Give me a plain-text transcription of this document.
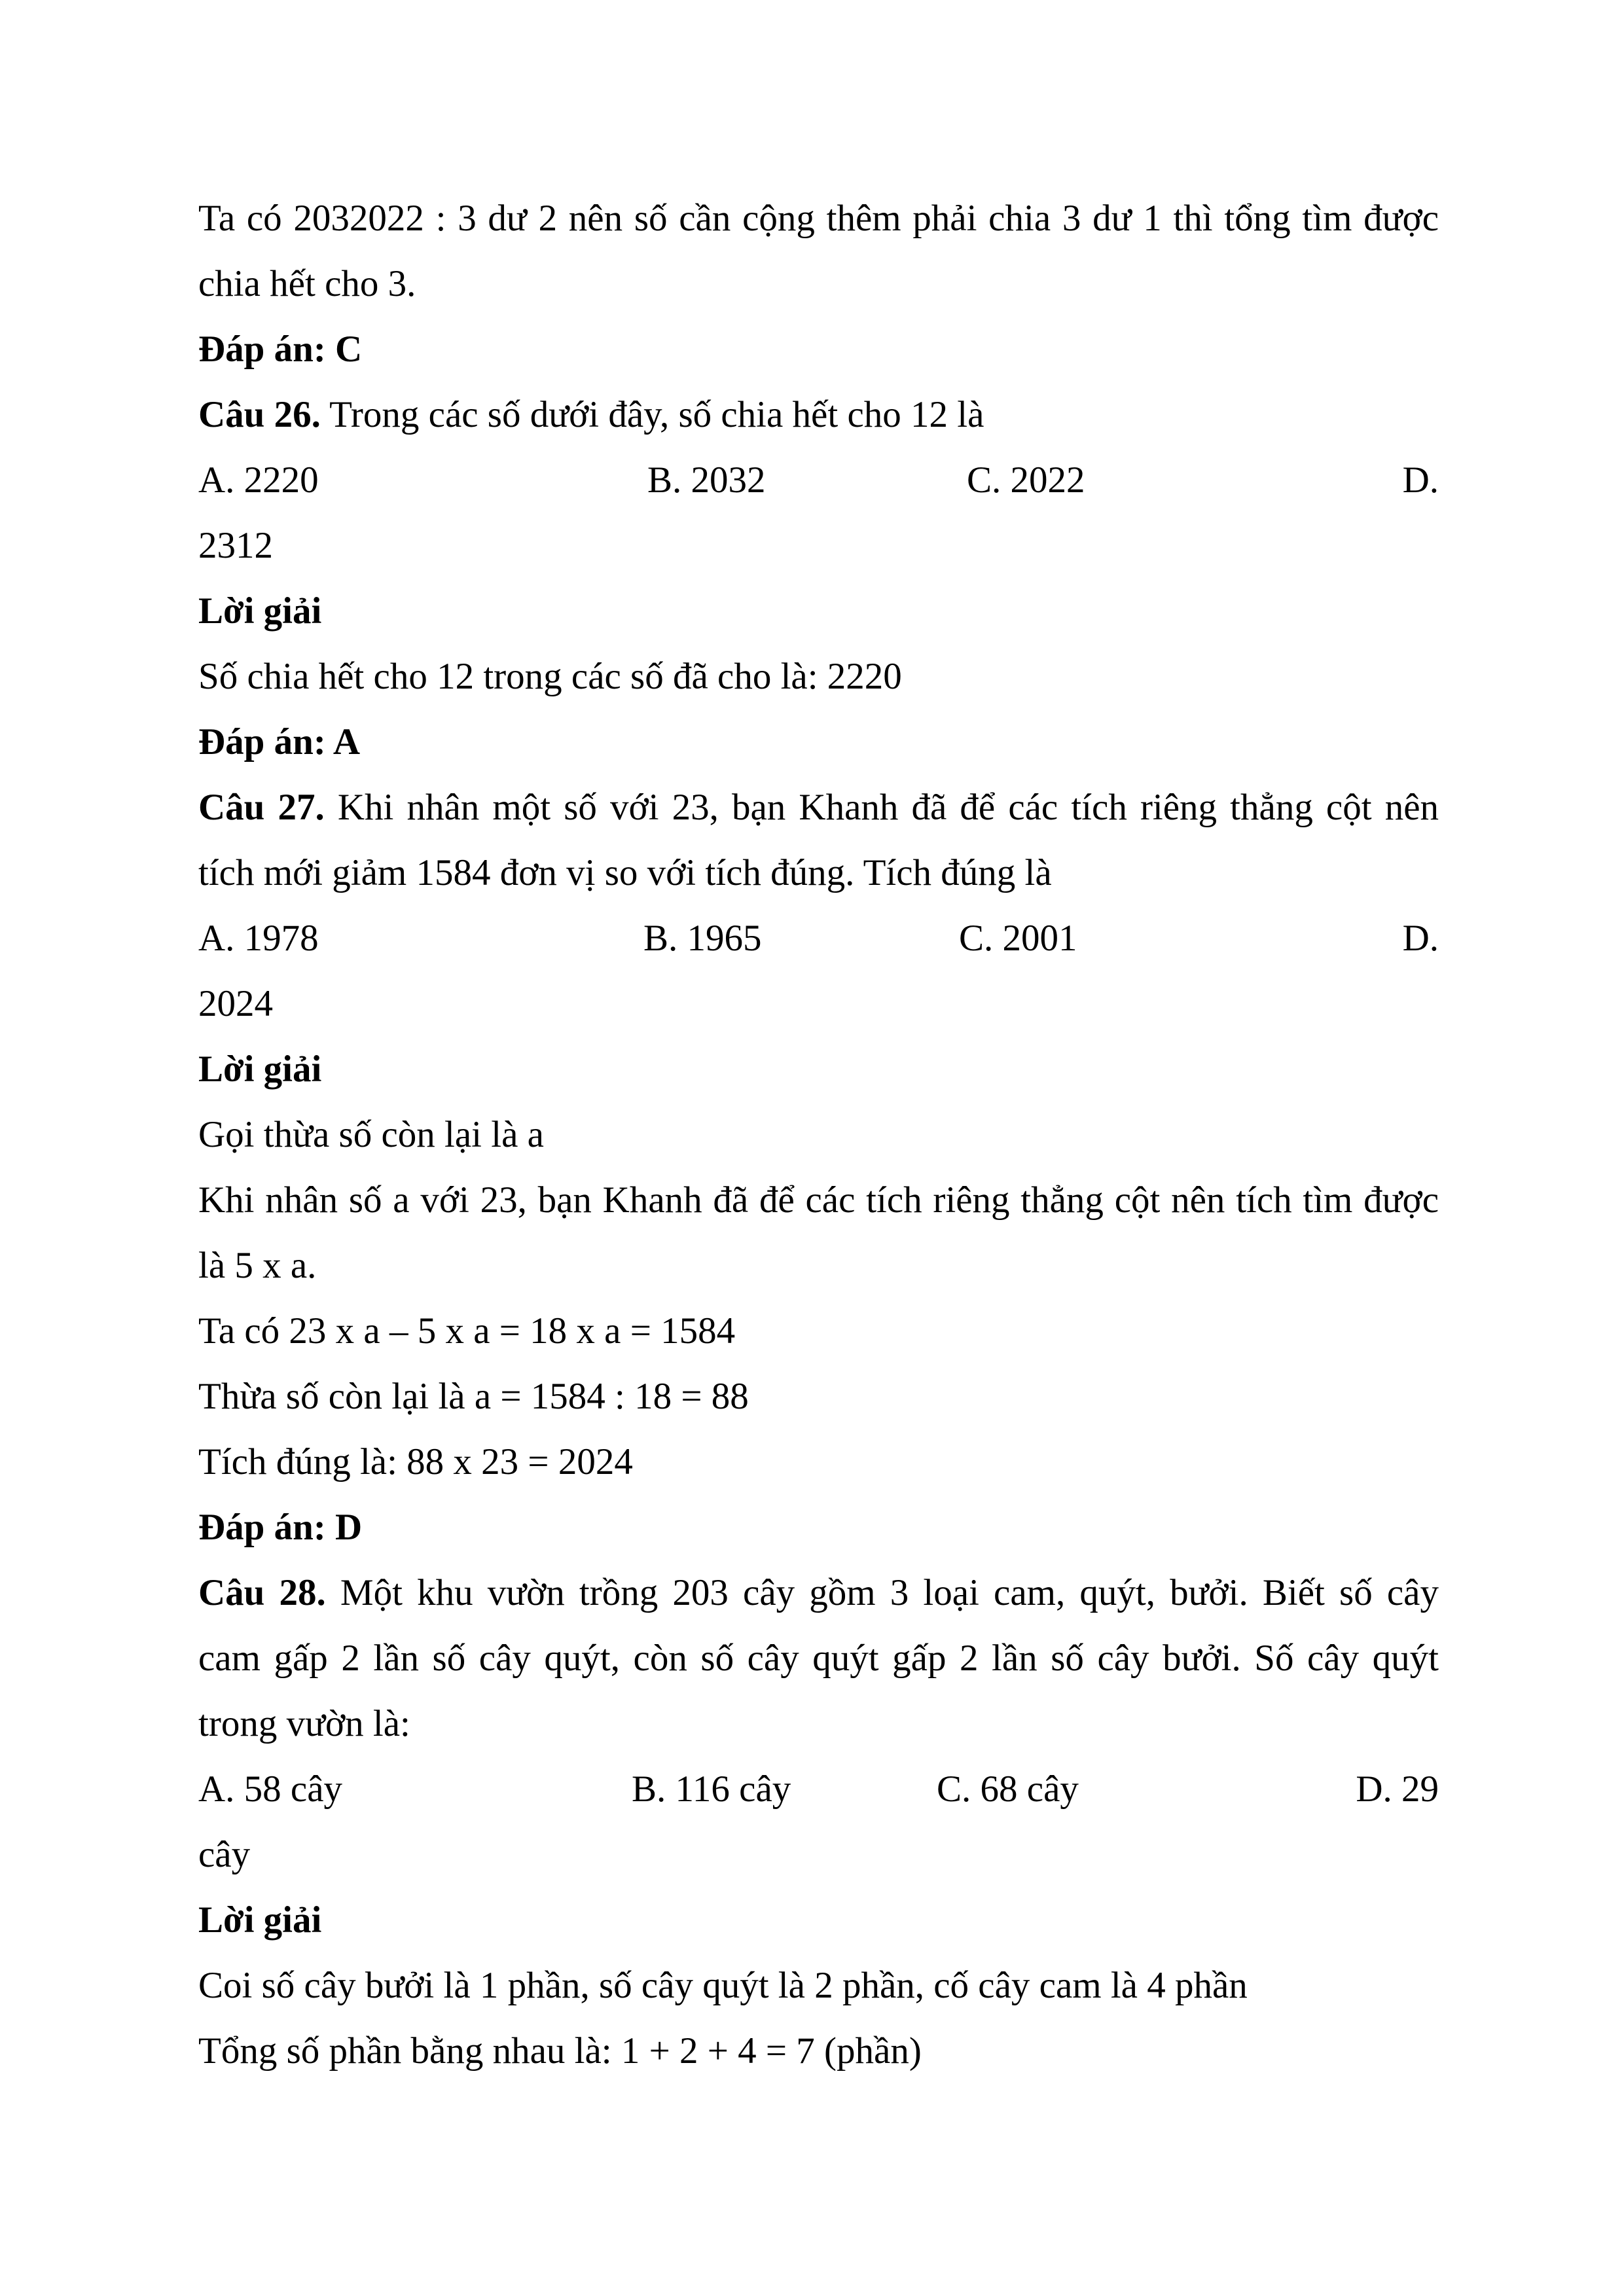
Ta có 2032022 : 3 dư 2 nên số cần cộng thêm phải chia 3 dư 1 thì tổng tìm được
chia hết cho 3.
Đáp án: C
Câu 26. Trong các số dưới đây, số chia hết cho 12 là
A. 2220	B. 2032	C. 2022	D.
2312
Lời giải
Số chia hết cho 12 trong các số đã cho là: 2220
Đáp án: A
Câu 27. Khi nhân một số với 23, bạn Khanh đã để các tích riêng thẳng cột nên
tích mới giảm 1584 đơn vị so với tích đúng. Tích đúng là
A. 1978	B. 1965	C. 2001	D.
2024
Lời giải
Gọi thừa số còn lại là a
Khi nhân số a với 23, bạn Khanh đã để các tích riêng thẳng cột nên tích tìm được
là 5 x a.
Ta có 23 x a – 5 x a = 18 x a = 1584
Thừa số còn lại là a = 1584 : 18 = 88
Tích đúng là: 88 x 23 = 2024
Đáp án: D
Câu 28. Một khu vườn trồng 203 cây gồm 3 loại cam, quýt, bưởi. Biết số cây
cam gấp 2 lần số cây quýt, còn số cây quýt gấp 2 lần số cây bưởi. Số cây quýt
trong vườn là:
A. 58 cây	B. 116 cây	C. 68 cây	D. 29
cây
Lời giải
Coi số cây bưởi là 1 phần, số cây quýt là 2 phần, cố cây cam là 4 phần
Tổng số phần bằng nhau là: 1 + 2 + 4 = 7 (phần)
